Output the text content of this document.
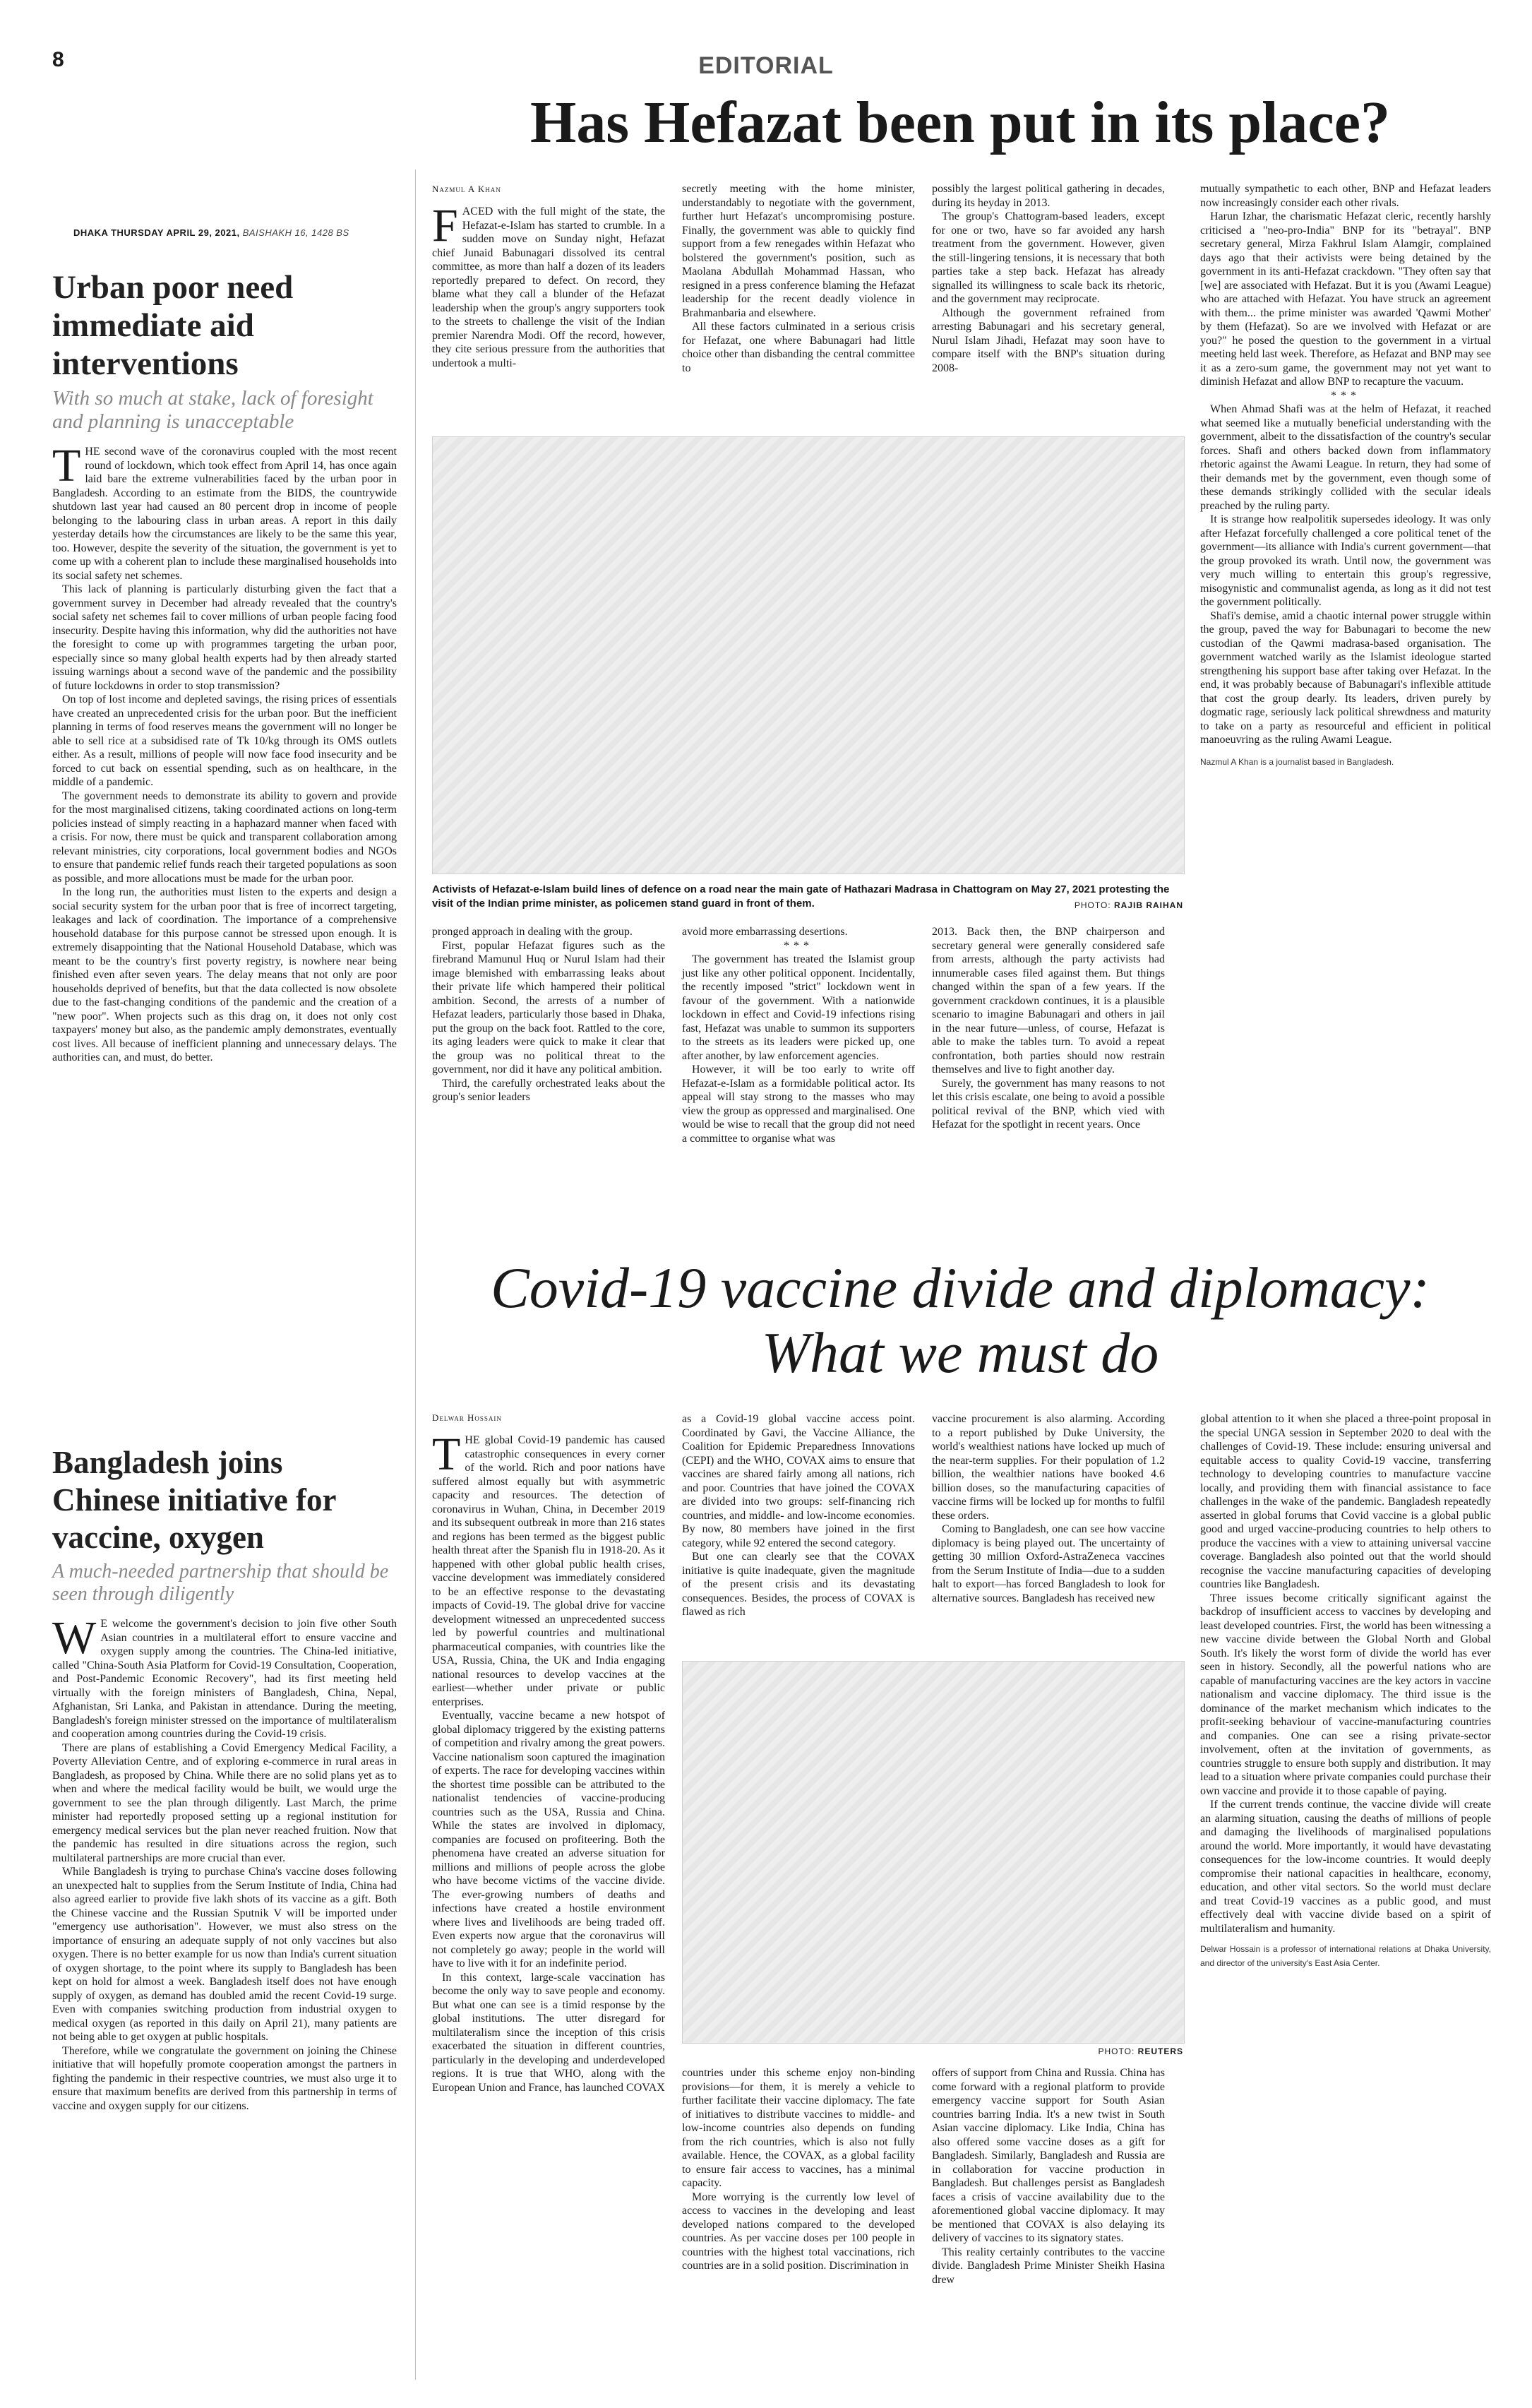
8	EDITORIAL
DHAKA THURSDAY APRIL 29, 2021, BAISHAKH 16, 1428 BS
Urban poor need immediate aid interventions
With so much at stake, lack of foresight and planning is unacceptable

THE second wave of the coronavirus coupled with the most recent round of lockdown, which took effect from April 14, has once again laid bare the extreme vulnerabilities faced by the urban poor in Bangladesh. According to an estimate from the BIDS, the countrywide shutdown last year had caused an 80 percent drop in income of people belonging to the labouring class in urban areas. A report in this daily yesterday details how the circumstances are likely to be the same this year, too. However, despite the severity of the situation, the government is yet to come up with a coherent plan to include these marginalised households into its social safety net schemes.

This lack of planning is particularly disturbing given the fact that a government survey in December had already revealed that the country's social safety net schemes fail to cover millions of urban people facing food insecurity. Despite having this information, why did the authorities not have the foresight to come up with programmes targeting the urban poor, especially since so many global health experts had by then already started issuing warnings about a second wave of the pandemic and the possibility of future lockdowns in order to stop transmission?

On top of lost income and depleted savings, the rising prices of essentials have created an unprecedented crisis for the urban poor. But the inefficient planning in terms of food reserves means the government will no longer be able to sell rice at a subsidised rate of Tk 10/kg through its OMS outlets either. As a result, millions of people will now face food insecurity and be forced to cut back on essential spending, such as on healthcare, in the middle of a pandemic.

The government needs to demonstrate its ability to govern and provide for the most marginalised citizens, taking coordinated actions on long-term policies instead of simply reacting in a haphazard manner when faced with a crisis. For now, there must be quick and transparent collaboration among relevant ministries, city corporations, local government bodies and NGOs to ensure that pandemic relief funds reach their targeted populations as soon as possible, and more allocations must be made for the urban poor.

In the long run, the authorities must listen to the experts and design a social security system for the urban poor that is free of incorrect targeting, leakages and lack of coordination. The importance of a comprehensive household database for this purpose cannot be stressed upon enough. It is extremely disappointing that the National Household Database, which was meant to be the country's first poverty registry, is nowhere near being finished even after seven years. The delay means that not only are poor households deprived of benefits, but that the data collected is now obsolete due to the fast-changing conditions of the pandemic and the creation of a "new poor". When projects such as this drag on, it does not only cost taxpayers' money but also, as the pandemic amply demonstrates, eventually cost lives. All because of inefficient planning and unnecessary delays. The authorities can, and must, do better.

Bangladesh joins Chinese initiative for vaccine, oxygen
A much-needed partnership that should be seen through diligently

W E welcome the government's decision to join five other South Asian countries in a multilateral effort to ensure vaccine and oxygen supply among the countries. The China-led initiative, called "China-South Asia Platform for Covid-19 Consultation, Cooperation, and Post-Pandemic Economic Recovery", had its first meeting held virtually with the foreign ministers of Bangladesh, China, Nepal, Afghanistan, Sri Lanka, and Pakistan in attendance. During the meeting, Bangladesh's foreign minister stressed on the importance of multilateralism and cooperation among countries during the Covid-19 crisis.

There are plans of establishing a Covid Emergency Medical Facility, a Poverty Alleviation Centre, and of exploring e-commerce in rural areas in Bangladesh, as proposed by China. While there are no solid plans yet as to when and where the medical facility would be built, we would urge the government to see the plan through diligently. Last March, the prime minister had reportedly proposed setting up a regional institution for emergency medical services but the plan never reached fruition. Now that the pandemic has resulted in dire situations across the region, such multilateral partnerships are more crucial than ever.

While Bangladesh is trying to purchase China's vaccine doses following an unexpected halt to supplies from the Serum Institute of India, China had also agreed earlier to provide five lakh shots of its vaccine as a gift. Both the Chinese vaccine and the Russian Sputnik V will be imported under "emergency use authorisation". However, we must also stress on the importance of ensuring an adequate supply of not only vaccines but also oxygen. There is no better example for us now than India's current situation of oxygen shortage, to the point where its supply to Bangladesh has been kept on hold for almost a week. Bangladesh itself does not have enough supply of oxygen, as demand has doubled amid the recent Covid-19 surge. Even with companies switching production from industrial oxygen to medical oxygen (as reported in this daily on April 21), many patients are not being able to get oxygen at public hospitals.

Therefore, while we congratulate the government on joining the Chinese initiative that will hopefully promote cooperation amongst the partners in fighting the pandemic in their respective countries, we must also urge it to ensure that maximum benefits are derived from this partnership in terms of vaccine and oxygen supply for our citizens.

Has Hefazat been put in its place?
Nazmul A Khan

FACED with the full might of the state, the Hefazat-e-Islam has started to crumble. In a sudden move on Sunday night, Hefazat chief Junaid Babunagari dissolved its central committee, as more than half a dozen of its leaders reportedly prepared to defect. On record, they blame what they call a blunder of the Hefazat leadership when the group's angry supporters took to the streets to challenge the visit of the Indian premier Narendra Modi. Off the record, however, they cite serious pressure from the authorities that undertook a multi-

secretly meeting with the home minister, understandably to negotiate with the government, further hurt Hefazat's uncompromising posture. Finally, the government was able to quickly find support from a few renegades within Hefazat who bolstered the government's position, such as Maolana Abdullah Mohammad Hassan, who resigned in a press conference blaming the Hefazat leadership for the recent deadly violence in Brahmanbaria and elsewhere.

All these factors culminated in a serious crisis for Hefazat, one where Babunagari had little choice other than disbanding the central committee to

possibly the largest political gathering in decades, during its heyday in 2013.

The group's Chattogram-based leaders, except for one or two, have so far avoided any harsh treatment from the government. However, given the still-lingering tensions, it is necessary that both parties take a step back. Hefazat has already signalled its willingness to scale back its rhetoric, and the government may reciprocate.

Although the government refrained from arresting Babunagari and his secretary general, Nurul Islam Jihadi, Hefazat may soon have to compare itself with the BNP's situation during 2008-

Activists of Hefazat-e-Islam build lines of defence on a road near the main gate of Hathazari Madrasa in Chattogram on May 27, 2021 protesting the visit of the Indian prime minister, as policemen stand guard in front of them.	PHOTO: RAJIB RAIHAN

pronged approach in dealing with the group.

First, popular Hefazat figures such as the firebrand Mamunul Huq or Nurul Islam had their image blemished with embarrassing leaks about their private life which hampered their political ambition. Second, the arrests of a number of Hefazat leaders, particularly those based in Dhaka, put the group on the back foot. Rattled to the core, its aging leaders were quick to make it clear that the group was no political threat to the government, nor did it have any political ambition.

Third, the carefully orchestrated leaks about the group's senior leaders

avoid more embarrassing desertions.

***

The government has treated the Islamist group just like any other political opponent. Incidentally, the recently imposed "strict" lockdown went in favour of the government. With a nationwide lockdown in effect and Covid-19 infections rising fast, Hefazat was unable to summon its supporters to the streets as its leaders were picked up, one after another, by law enforcement agencies.

However, it will be too early to write off Hefazat-e-Islam as a formidable political actor. Its appeal will stay strong to the masses who may view the group as oppressed and marginalised. One would be wise to recall that the group did not need a committee to organise what was

2013. Back then, the BNP chairperson and secretary general were generally considered safe from arrests, although the party activists had innumerable cases filed against them. But things changed within the span of a few years. If the government crackdown continues, it is a plausible scenario to imagine Babunagari and others in jail in the near future—unless, of course, Hefazat is able to make the tables turn. To avoid a repeat confrontation, both parties should now restrain themselves and live to fight another day.

Surely, the government has many reasons to not let this crisis escalate, one being to avoid a possible political revival of the BNP, which vied with Hefazat for the spotlight in recent years. Once

mutually sympathetic to each other, BNP and Hefazat leaders now increasingly consider each other rivals.

Harun Izhar, the charismatic Hefazat cleric, recently harshly criticised a "neo-pro-India" BNP for its "betrayal". BNP secretary general, Mirza Fakhrul Islam Alamgir, complained days ago that their activists were being detained by the government in its anti-Hefazat crackdown. "They often say that [we] are associated with Hefazat. But it is you (Awami League) who are attached with Hefazat. You have struck an agreement with them... the prime minister was awarded 'Qawmi Mother' by them (Hefazat). So are we involved with Hefazat or are you?" he posed the question to the government in a virtual meeting held last week. Therefore, as Hefazat and BNP may see it as a zero-sum game, the government may not yet want to diminish Hefazat and allow BNP to recapture the vacuum.

***

When Ahmad Shafi was at the helm of Hefazat, it reached what seemed like a mutually beneficial understanding with the government, albeit to the dissatisfaction of the country's secular forces. Shafi and others backed down from inflammatory rhetoric against the Awami League. In return, they had some of their demands met by the government, even though some of these demands strikingly collided with the secular ideals preached by the ruling party.

It is strange how realpolitik supersedes ideology. It was only after Hefazat forcefully challenged a core political tenet of the government—its alliance with India's current government—that the group provoked its wrath. Until now, the government was very much willing to entertain this group's regressive, misogynistic and communalist agenda, as long as it did not test the government politically.

Shafi's demise, amid a chaotic internal power struggle within the group, paved the way for Babunagari to become the new custodian of the Qawmi madrasa-based organisation. The government watched warily as the Islamist ideologue started strengthening his support base after taking over Hefazat. In the end, it was probably because of Babunagari's inflexible attitude that cost the group dearly. Its leaders, driven purely by dogmatic rage, seriously lack political shrewdness and maturity to take on a party as resourceful and efficient in political manoeuvring as the ruling Awami League.

Nazmul A Khan is a journalist based in Bangladesh.
Covid-19 vaccine divide and diplomacy:
What we must do
Delwar Hossain

THE global Covid-19 pandemic has caused catastrophic consequences in every corner of the world. Rich and poor nations have suffered almost equally but with asymmetric capacity and resources. The detection of coronavirus in Wuhan, China, in December 2019 and its subsequent outbreak in more than 216 states and regions has been termed as the biggest public health threat after the Spanish flu in 1918-20. As it happened with other global public health crises, vaccine development was immediately considered to be an effective response to the devastating impacts of Covid-19. The global drive for vaccine development witnessed an unprecedented success led by powerful countries and multinational pharmaceutical companies, with countries like the USA, Russia, China, the UK and India engaging national resources to develop vaccines at the earliest—whether under private or public enterprises.

Eventually, vaccine became a new hotspot of global diplomacy triggered by the existing patterns of competition and rivalry among the great powers. Vaccine nationalism soon captured the imagination of experts. The race for developing vaccines within the shortest time possible can be attributed to the nationalist tendencies of vaccine-producing countries such as the USA, Russia and China. While the states are involved in diplomacy, companies are focused on profiteering. Both the phenomena have created an adverse situation for millions and millions of people across the globe who have become victims of the vaccine divide. The ever-growing numbers of deaths and infections have created a hostile environment where lives and livelihoods are being traded off. Even experts now argue that the coronavirus will not completely go away; people in the world will have to live with it for an indefinite period.

In this context, large-scale vaccination has become the only way to save people and economy. But what one can see is a timid response by the global institutions. The utter disregard for multilateralism since the inception of this crisis exacerbated the situation in different countries, particularly in the developing and underdeveloped regions. It is true that WHO, along with the European Union and France, has launched COVAX

as a Covid-19 global vaccine access point. Coordinated by Gavi, the Vaccine Alliance, the Coalition for Epidemic Preparedness Innovations (CEPI) and the WHO, COVAX aims to ensure that vaccines are shared fairly among all nations, rich and poor. Countries that have joined the COVAX are divided into two groups: self-financing rich countries, and middle- and low-income economies. By now, 80 members have joined in the first category, while 92 entered the second category.

But one can clearly see that the COVAX initiative is quite inadequate, given the magnitude of the present crisis and its devastating consequences. Besides, the process of COVAX is flawed as rich

vaccine procurement is also alarming. According to a report published by Duke University, the world's wealthiest nations have locked up much of the near-term supplies. For their population of 1.2 billion, the wealthier nations have booked 4.6 billion doses, so the manufacturing capacities of vaccine firms will be locked up for months to fulfil these orders.

Coming to Bangladesh, one can see how vaccine diplomacy is being played out. The uncertainty of getting 30 million Oxford-AstraZeneca vaccines from the Serum Institute of India—due to a sudden halt to export—has forced Bangladesh to look for alternative sources. Bangladesh has received new

PHOTO: REUTERS

countries under this scheme enjoy non-binding provisions—for them, it is merely a vehicle to further facilitate their vaccine diplomacy. The fate of initiatives to distribute vaccines to middle- and low-income countries also depends on funding from the rich countries, which is also not fully available. Hence, the COVAX, as a global facility to ensure fair access to vaccines, has a minimal capacity.

More worrying is the currently low level of access to vaccines in the developing and least developed nations compared to the developed countries. As per vaccine doses per 100 people in countries with the highest total vaccinations, rich countries are in a solid position. Discrimination in

offers of support from China and Russia. China has come forward with a regional platform to provide emergency vaccine support for South Asian countries barring India. It's a new twist in South Asian vaccine diplomacy. Like India, China has also offered some vaccine doses as a gift for Bangladesh. Similarly, Bangladesh and Russia are in collaboration for vaccine production in Bangladesh. But challenges persist as Bangladesh faces a crisis of vaccine availability due to the aforementioned global vaccine diplomacy. It may be mentioned that COVAX is also delaying its delivery of vaccines to its signatory states.

This reality certainly contributes to the vaccine divide. Bangladesh Prime Minister Sheikh Hasina drew

global attention to it when she placed a three-point proposal in the special UNGA session in September 2020 to deal with the challenges of Covid-19. These include: ensuring universal and equitable access to quality Covid-19 vaccine, transferring technology to developing countries to manufacture vaccine locally, and providing them with financial assistance to face challenges in the wake of the pandemic. Bangladesh repeatedly asserted in global forums that Covid vaccine is a global public good and urged vaccine-producing countries to help others to produce the vaccines with a view to attaining universal vaccine coverage. Bangladesh also pointed out that the world should recognise the vaccine manufacturing capacities of developing countries like Bangladesh.

Three issues become critically significant against the backdrop of insufficient access to vaccines by developing and least developed countries. First, the world has been witnessing a new vaccine divide between the Global North and Global South. It's likely the worst form of divide the world has ever seen in history. Secondly, all the powerful nations who are capable of manufacturing vaccines are the key actors in vaccine nationalism and vaccine diplomacy. The third issue is the dominance of the market mechanism which indicates to the profit-seeking behaviour of vaccine-manufacturing countries and companies. One can see a rising private-sector involvement, often at the invitation of governments, as countries struggle to ensure both supply and distribution. It may lead to a situation where private companies could purchase their own vaccine and provide it to those capable of paying.

If the current trends continue, the vaccine divide will create an alarming situation, causing the deaths of millions of people and damaging the livelihoods of marginalised populations around the world. More importantly, it would have devastating consequences for the low-income countries. It would deeply compromise their national capacities in healthcare, economy, education, and other vital sectors. So the world must declare and treat Covid-19 vaccines as a public good, and must effectively deal with vaccine divide based on a spirit of multilateralism and humanity.

Delwar Hossain is a professor of international relations at Dhaka University, and director of the university's East Asia Center.
